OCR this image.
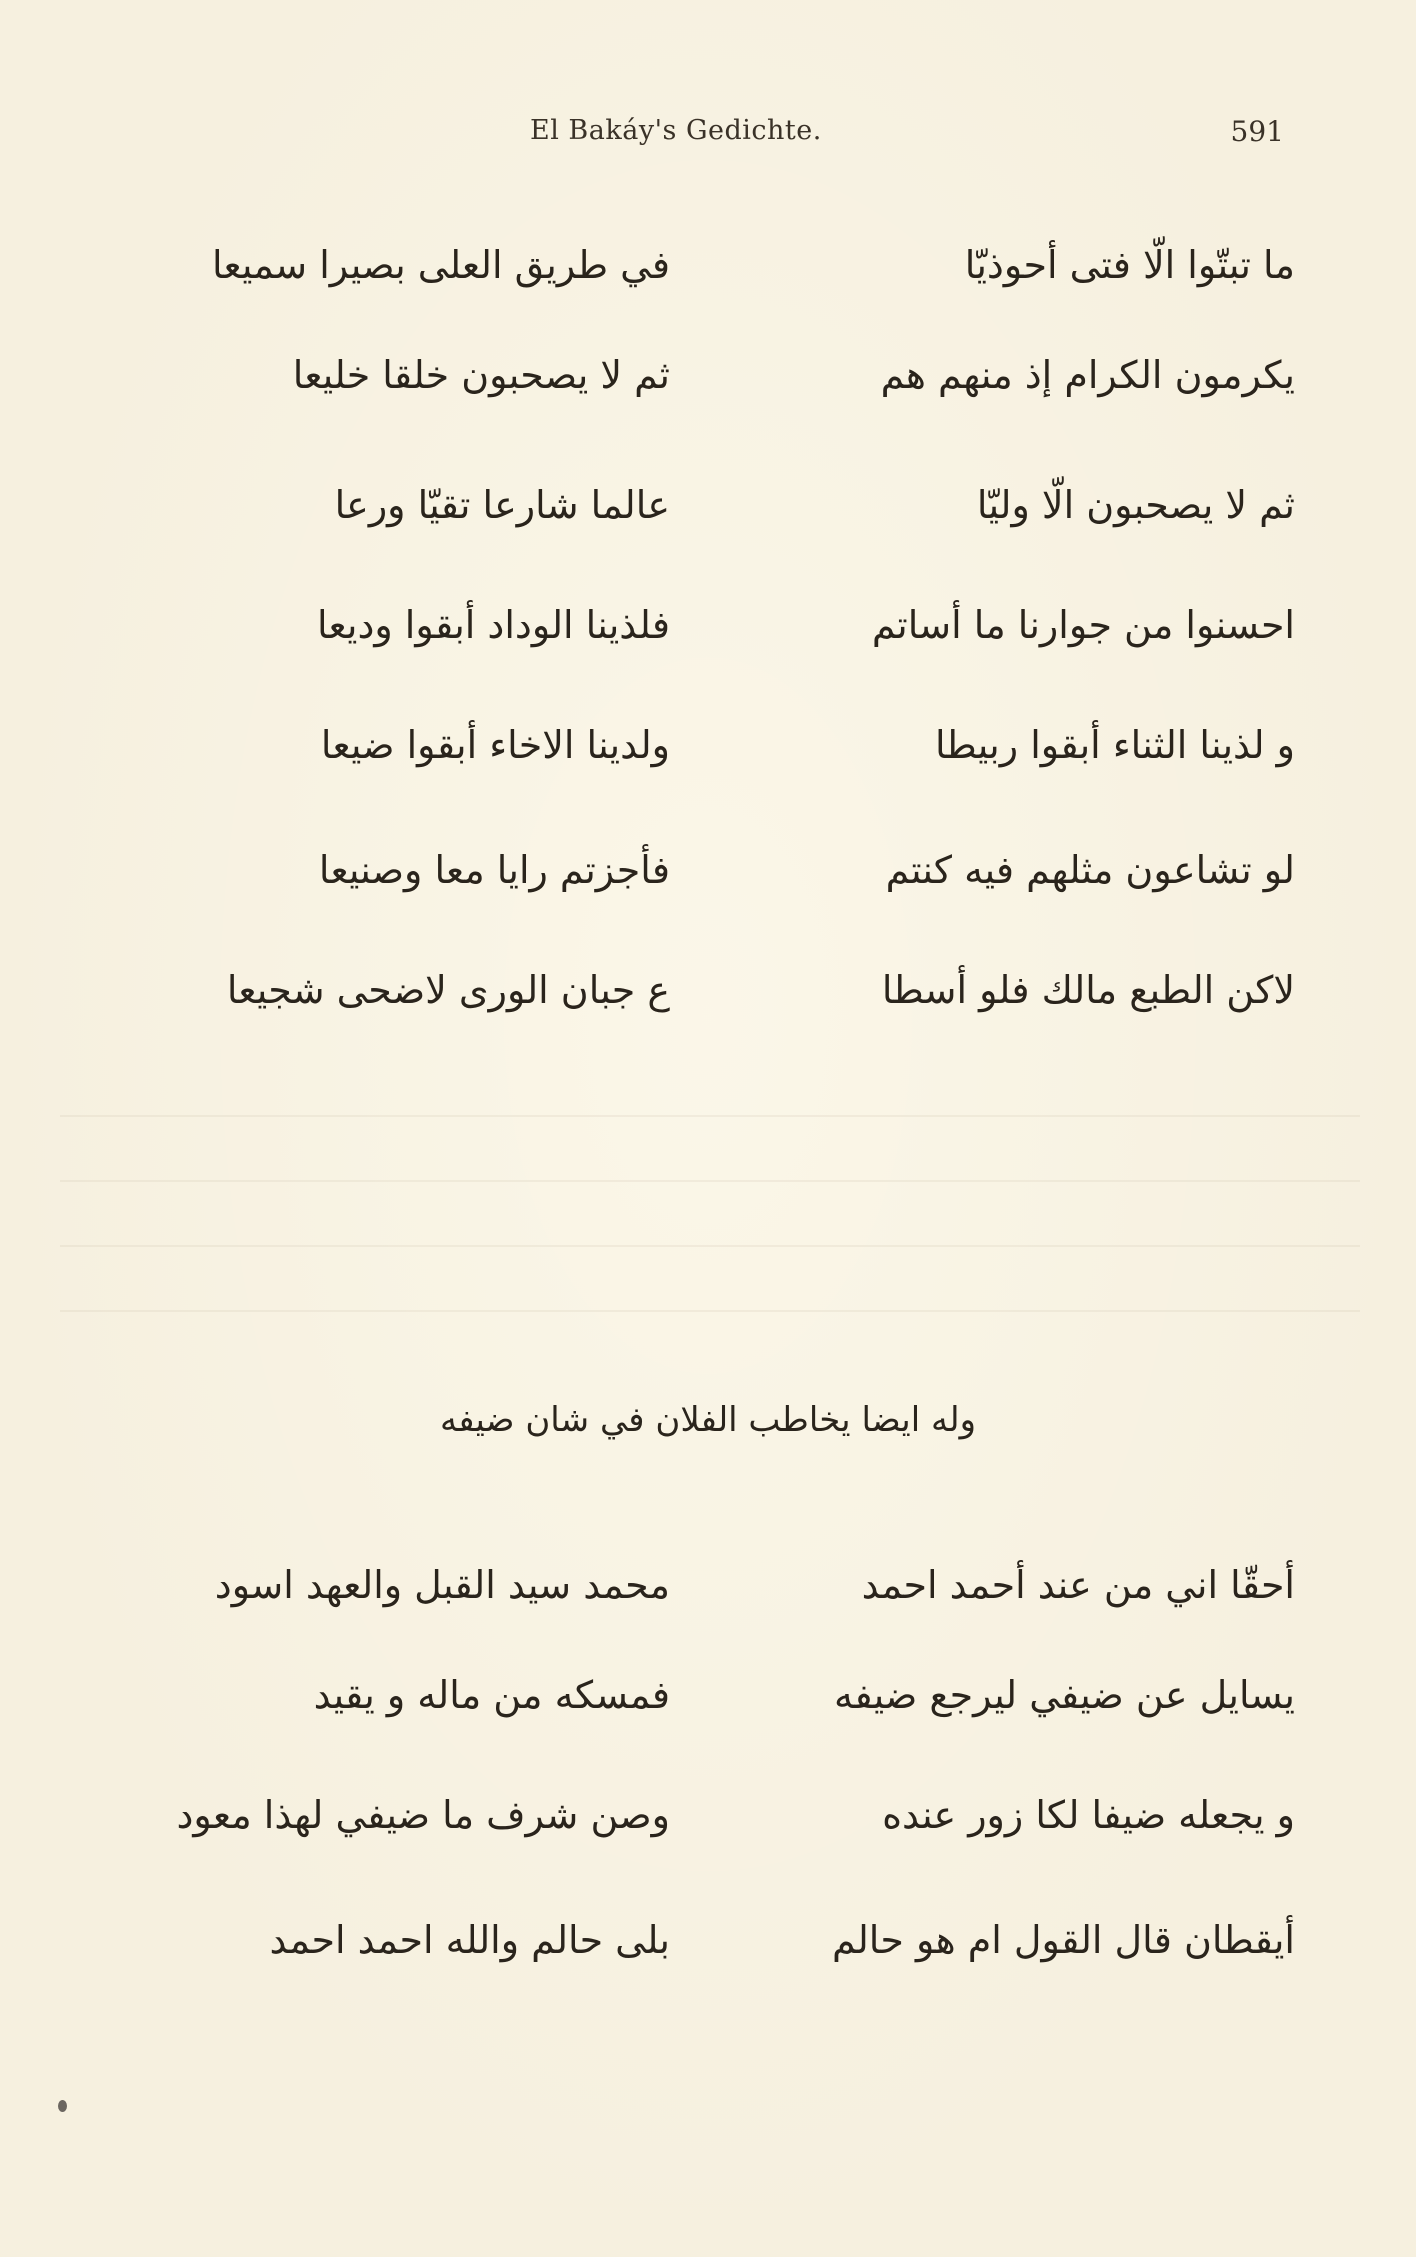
El Bakáy's Gedichte.	591
ما تبتّوا الّا فتى أحوذيّا
في طريق العلى بصيرا سميعا
يكرمون الكرام إذ منهم هم
ثم لا يصحبون خلقا خليعا
ثم لا يصحبون الّا وليّا
عالما شارعا تقيّا ورعا
احسنوا من جوارنا ما أساتم
فلذينا الوداد أبقوا وديعا
و لذينا الثناء أبقوا ربيطا
ولدينا الاخاء أبقوا ضيعا
لو تشاعون مثلهم فيه كنتم
فأجزتم رايا معا وصنيعا
لاكن الطبع مالك فلو أسطا
ع جبان الورى لاضحى شجيعا
وله ايضا يخاطب الفلان في شان ضيفه
أحقّا اني من عند أحمد احمد
محمد سيد القبل والعهد اسود
يسايل عن ضيفي ليرجع ضيفه
فمسكه من ماله و يقيد
و يجعله ضيفا لكا زور عنده
وصن شرف ما ضيفي لهذا معود
أيقطان قال القول ام هو حالم
بلى حالم والله احمد احمد
